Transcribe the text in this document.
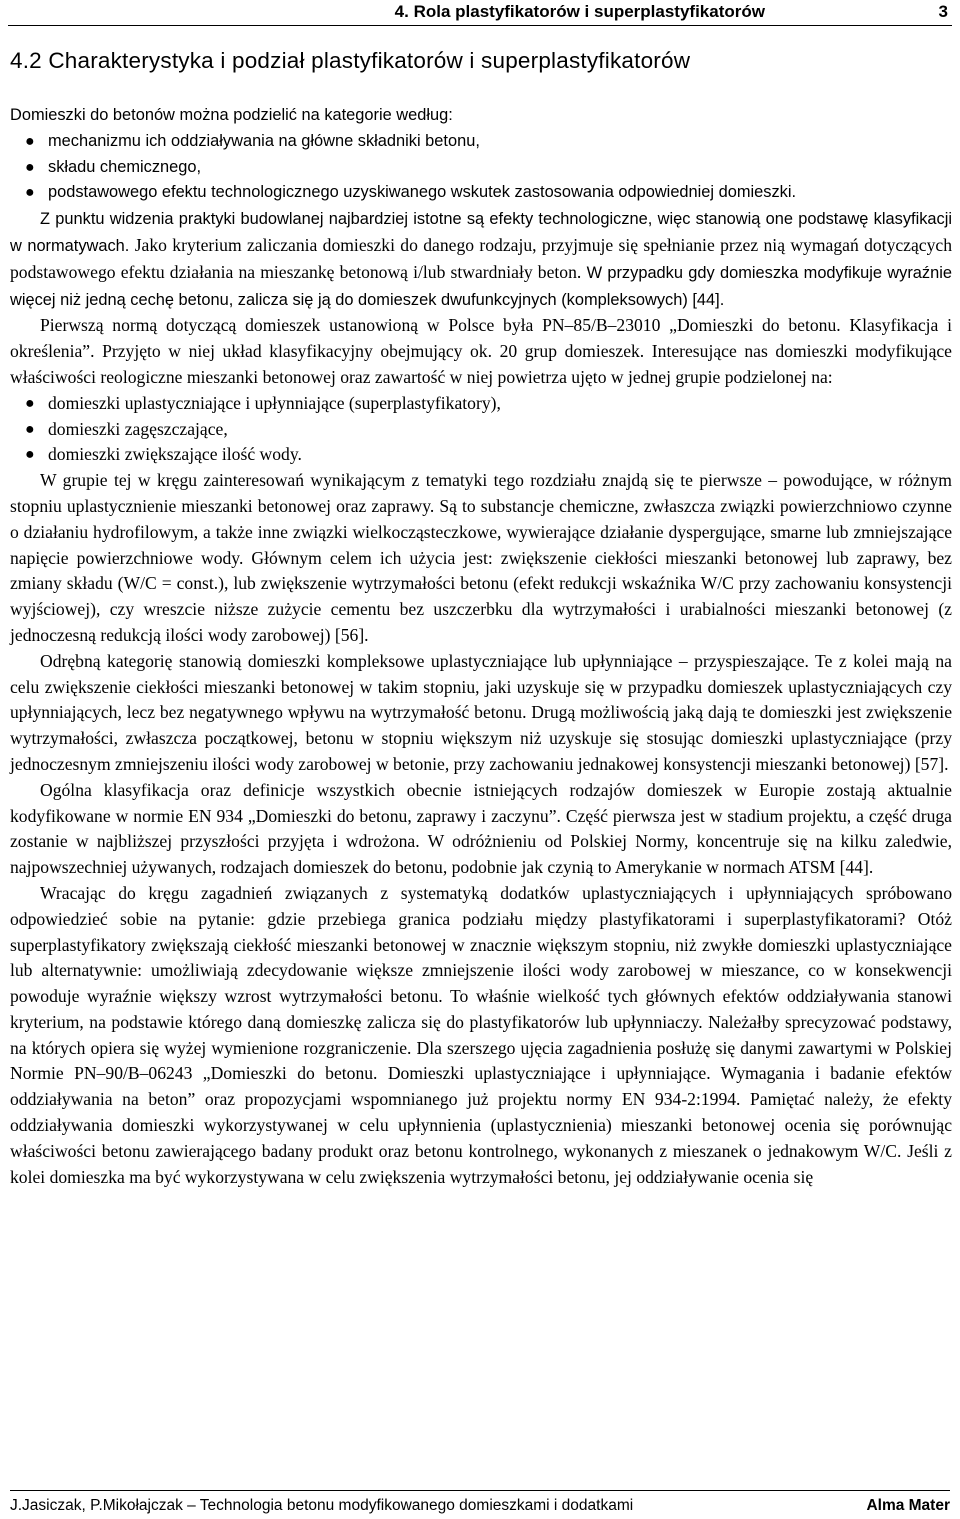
4. Rola plastyfikatorów i superplastyfikatorów	3
4.2 Charakterystyka i podział plastyfikatorów i superplastyfikatorów

Domieszki do betonów można podzielić na kategorie według:

● mechanizmu ich oddziaływania na główne składniki betonu,
● składu chemicznego,
● podstawowego efektu technologicznego uzyskiwanego wskutek zastosowania odpowiedniej domieszki.

Z punktu widzenia praktyki budowlanej najbardziej istotne są efekty technologiczne, więc stanowią one podstawę klasyfikacji w normatywach. Jako kryterium zaliczania domieszki do danego rodzaju, przyjmuje się spełnianie przez nią wymagań dotyczących podstawowego efektu działania na mieszankę betonową i/lub stwardniały beton. W przypadku gdy domieszka modyfikuje wyraźnie więcej niż jedną cechę betonu, zalicza się ją do domieszek dwufunkcyjnych (kompleksowych) [44].

Pierwszą normą dotyczącą domieszek ustanowioną w Polsce była PN–85/B–23010 „Domieszki do betonu. Klasyfikacja i określenia”. Przyjęto w niej układ klasyfikacyjny obejmujący ok. 20 grup domieszek. Interesujące nas domieszki modyfikujące właściwości reologiczne mieszanki betonowej oraz zawartość w niej powietrza ujęto w jednej grupie podzielonej na:

● domieszki uplastyczniające i upłynniające (superplastyfikatory),
● domieszki zagęszczające,
● domieszki zwiększające ilość wody.

W grupie tej w kręgu zainteresowań wynikającym z tematyki tego rozdziału znajdą się te pierwsze – powodujące, w różnym stopniu uplastycznienie mieszanki betonowej oraz zaprawy. Są to substancje chemiczne, zwłaszcza związki powierzchniowo czynne o działaniu hydrofilowym, a także inne związki wielkocząsteczkowe, wywierające działanie dyspergujące, smarne lub zmniejszające napięcie powierzchniowe wody. Głównym celem ich użycia jest: zwiększenie ciekłości mieszanki betonowej lub zaprawy, bez zmiany składu (W/C = const.), lub zwiększenie wytrzymałości betonu (efekt redukcji wskaźnika W/C przy zachowaniu konsystencji wyjściowej), czy wreszcie niższe zużycie cementu bez uszczerbku dla wytrzymałości i urabialności mieszanki betonowej (z jednoczesną redukcją ilości wody zarobowej) [56].

Odrębną kategorię stanowią domieszki kompleksowe uplastyczniające lub upłynniające – przyspieszające. Te z kolei mają na celu zwiększenie ciekłości mieszanki betonowej w takim stopniu, jaki uzyskuje się w przypadku domieszek uplastyczniających czy upłynniających, lecz bez negatywnego wpływu na wytrzymałość betonu. Drugą możliwością jaką dają te domieszki jest zwiększenie wytrzymałości, zwłaszcza początkowej, betonu w stopniu większym niż uzyskuje się stosując domieszki uplastyczniające (przy jednoczesnym zmniejszeniu ilości wody zarobowej w betonie, przy zachowaniu jednakowej konsystencji mieszanki betonowej) [57].

Ogólna klasyfikacja oraz definicje wszystkich obecnie istniejących rodzajów domieszek w Europie zostają aktualnie kodyfikowane w normie EN 934 „Domieszki do betonu, zaprawy i zaczynu”. Część pierwsza jest w stadium projektu, a część druga zostanie w najbliższej przyszłości przyjęta i wdrożona. W odróżnieniu od Polskiej Normy, koncentruje się na kilku zaledwie, najpowszechniej używanych, rodzajach domieszek do betonu, podobnie jak czynią to Amerykanie w normach ATSM [44].

Wracając do kręgu zagadnień związanych z systematyką dodatków uplastyczniających i upłynniających spróbowano odpowiedzieć sobie na pytanie: gdzie przebiega granica podziału między plastyfikatorami i superplastyfikatorami? Otóż superplastyfikatory zwiększają ciekłość mieszanki betonowej w znacznie większym stopniu, niż zwykłe domieszki uplastyczniające lub alternatywnie: umożliwiają zdecydowanie większe zmniejszenie ilości wody zarobowej w mieszance, co w konsekwencji powoduje wyraźnie większy wzrost wytrzymałości betonu. To właśnie wielkość tych głównych efektów oddziaływania stanowi kryterium, na podstawie którego daną domieszkę zalicza się do plastyfikatorów lub upłynniaczy. Należałby sprecyzować podstawy, na których opiera się wyżej wymienione rozgraniczenie. Dla szerszego ujęcia zagadnienia posłużę się danymi zawartymi w Polskiej Normie PN–90/B–06243 „Domieszki do betonu. Domieszki uplastyczniające i upłynniające. Wymagania i badanie efektów oddziaływania na beton” oraz propozycjami wspomnianego już projektu normy EN 934-2:1994. Pamiętać należy, że efekty oddziaływania domieszki wykorzystywanej w celu upłynnienia (uplastycznienia) mieszanki betonowej ocenia się porównując właściwości betonu zawierającego badany produkt oraz betonu kontrolnego, wykonanych z mieszanek o jednakowym W/C. Jeśli z kolei domieszka ma być wykorzystywana w celu zwiększenia wytrzymałości betonu, jej oddziaływanie ocenia się

J.Jasiczak, P.Mikołajczak – Technologia betonu modyfikowanego domieszkami i dodatkami	Alma Mater
